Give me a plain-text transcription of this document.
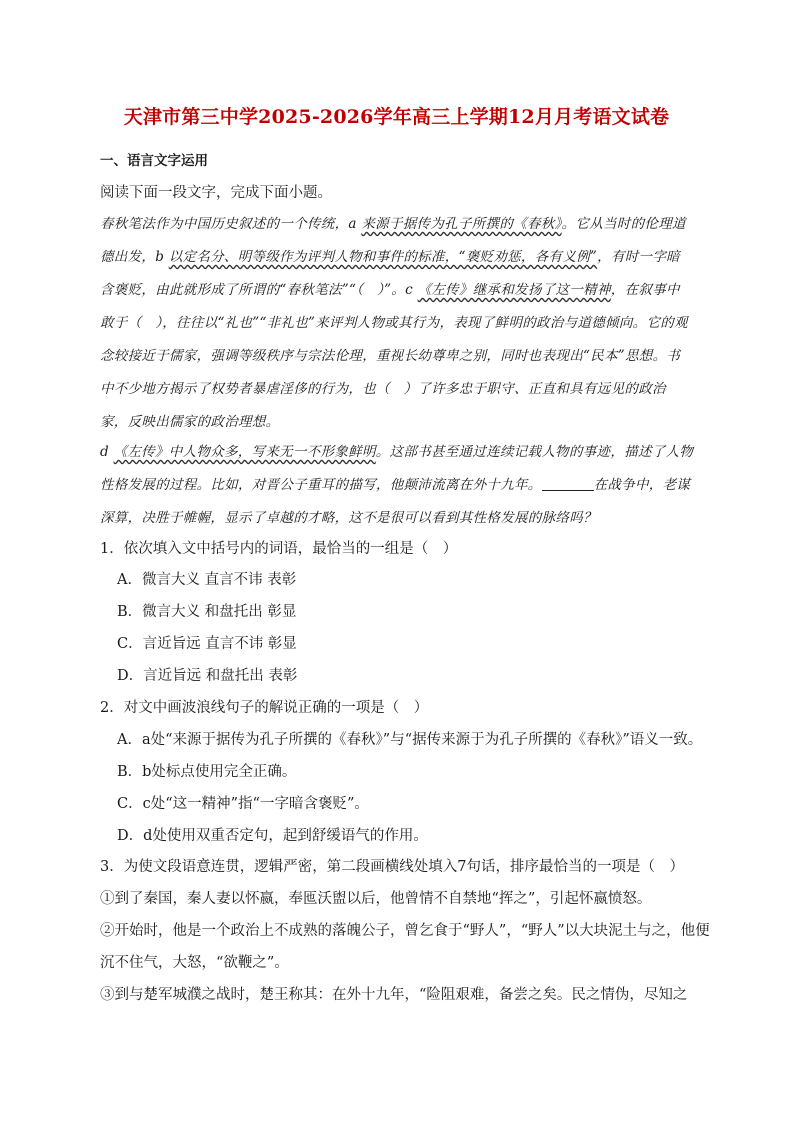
天津市第三中学2025-2026学年高三上学期12月月考语文试卷
一、语言文字运用
阅读下面一段文字，完成下面小题。
春秋笔法作为中国历史叙述的一个传统，a 来源于据传为孔子所撰的《春秋》。它从当时的伦理道
德出发，b 以定名分、明等级作为评判人物和事件的标准，“褒贬劝惩，各有义例”，有时一字暗
含褒贬，由此就形成了所谓的“春秋笔法”“（　）”。c 《左传》继承和发扬了这一精神，在叙事中
敢于（　），往往以“礼也”“非礼也”来评判人物或其行为，表现了鲜明的政治与道德倾向。它的观
念较接近于儒家，强调等级秩序与宗法伦理，重视长幼尊卑之别，同时也表现出“民本”思想。书
中不少地方揭示了权势者暴虐淫侈的行为，也（　）了许多忠于职守、正直和具有远见的政治
家，反映出儒家的政治理想。
d 《左传》中人物众多，写来无一不形象鲜明。这部书甚至通过连续记载人物的事迹，描述了人物
性格发展的过程。比如，对晋公子重耳的描写，他颠沛流离在外十九年。	在战争中，老谋
深算，决胜于帷幄，显示了卓越的才略，这不是很可以看到其性格发展的脉络吗？
1．依次填入文中括号内的词语，最恰当的一组是（　）
A．微言大义 直言不讳 表彰
B．微言大义 和盘托出 彰显
C．言近旨远 直言不讳 彰显
D．言近旨远 和盘托出 表彰
2．对文中画波浪线句子的解说正确的一项是（　）
A．a处“来源于据传为孔子所撰的《春秋》”与“据传来源于为孔子所撰的《春秋》”语义一致。
B．b处标点使用完全正确。
C．c处“这一精神”指“一字暗含褒贬”。
D．d处使用双重否定句，起到舒缓语气的作用。
3．为使文段语意连贯，逻辑严密，第二段画横线处填入7句话，排序最恰当的一项是（　）
①到了秦国，秦人妻以怀嬴，奉匜沃盥以后，他曾情不自禁地“挥之”，引起怀嬴愤怒。
②开始时，他是一个政治上不成熟的落魄公子，曾乞食于“野人”，“野人”以大块泥土与之，他便
沉不住气，大怒，“欲鞭之”。
③到与楚军城濮之战时，楚王称其：在外十九年，“险阻艰难，备尝之矣。民之情伪，尽知之
